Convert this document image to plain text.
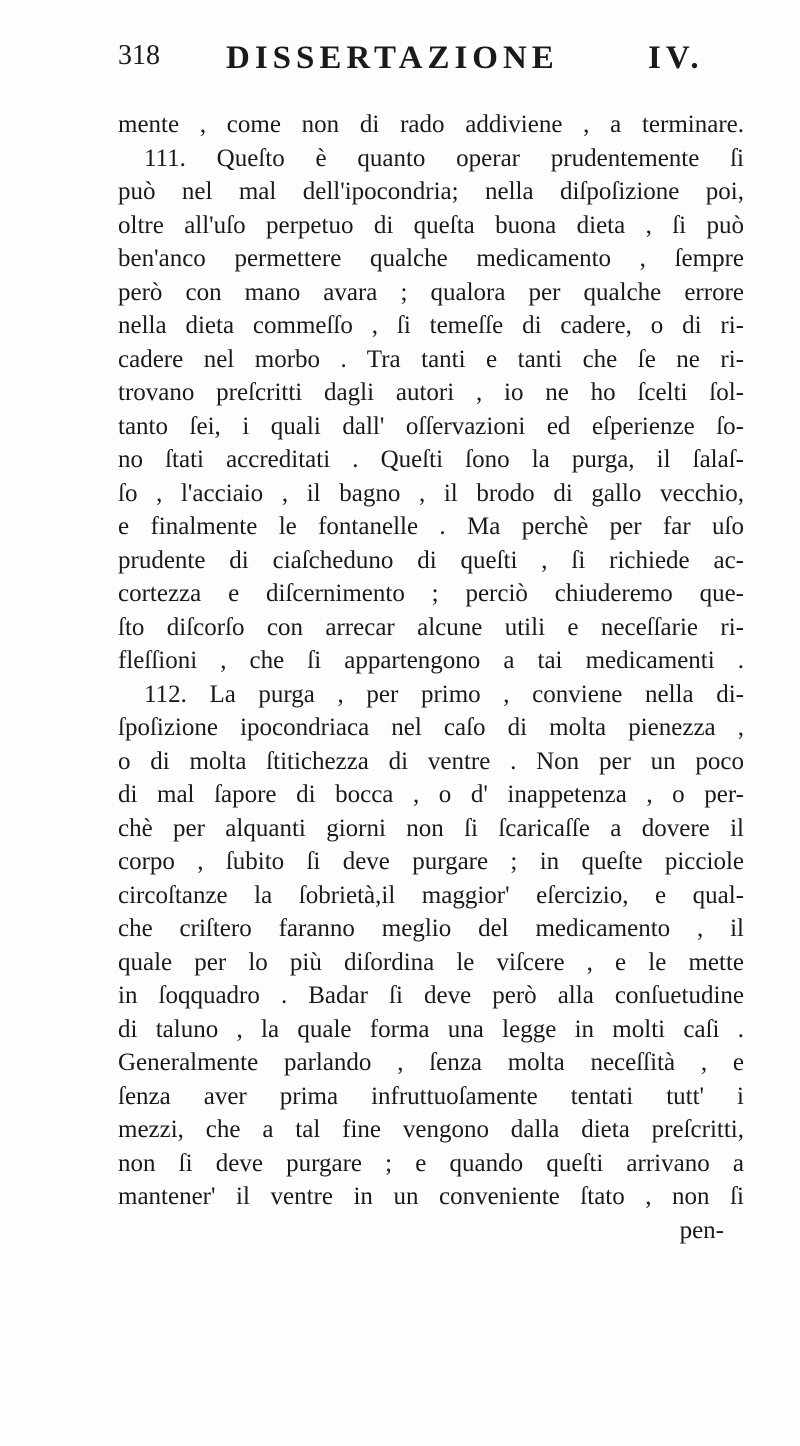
318 DISSERTAZIONE	IV.
mente , come non di rado addiviene , a terminare.
111. Queſto è quanto operar prudentemente ſi
può nel mal dell'ipocondria; nella diſpoſizione poi,
oltre all'uſo perpetuo di queſta buona dieta , ſi può
ben'anco permettere qualche medicamento , ſempre
però con mano avara ; qualora per qualche errore
nella dieta commeſſo , ſi temeſſe di cadere, o di ri-
cadere nel morbo . Tra tanti e tanti che ſe ne ri-
trovano preſcritti dagli autori , io ne ho ſcelti ſol-
tanto ſei, i quali dall' oſſervazioni ed eſperienze ſo-
no ſtati accreditati . Queſti ſono la purga, il ſalaſ-
ſo , l'acciaio , il bagno , il brodo di gallo vecchio,
e finalmente le fontanelle . Ma perchè per far uſo
prudente di ciaſcheduno di queſti , ſi richiede ac-
cortezza e diſcernimento ; perciò chiuderemo que-
ſto diſcorſo con arrecar alcune utili e neceſſarie ri-
fleſſioni , che ſi appartengono a tai medicamenti .
112. La purga , per primo , conviene nella di-
ſpoſizione ipocondriaca nel caſo di molta pienezza ,
o di molta ſtitichezza di ventre . Non per un poco
di mal ſapore di bocca , o d' inappetenza , o per-
chè per alquanti giorni non ſi ſcaricaſſe a dovere il
corpo , ſubito ſi deve purgare ; in queſte picciole
circoſtanze la ſobrietà,il maggior' eſercizio, e qual-
che criſtero faranno meglio del medicamento , il
quale per lo più diſordina le viſcere , e le mette
in ſoqquadro . Badar ſi deve però alla conſuetudine
di taluno , la quale forma una legge in molti caſi .
Generalmente parlando , ſenza molta neceſſità , e
ſenza aver prima infruttuoſamente tentati tutt' i
mezzi, che a tal fine vengono dalla dieta preſcritti,
non ſi deve purgare ; e quando queſti arrivano a
mantener' il ventre in un conveniente ſtato , non ſi
pen-
